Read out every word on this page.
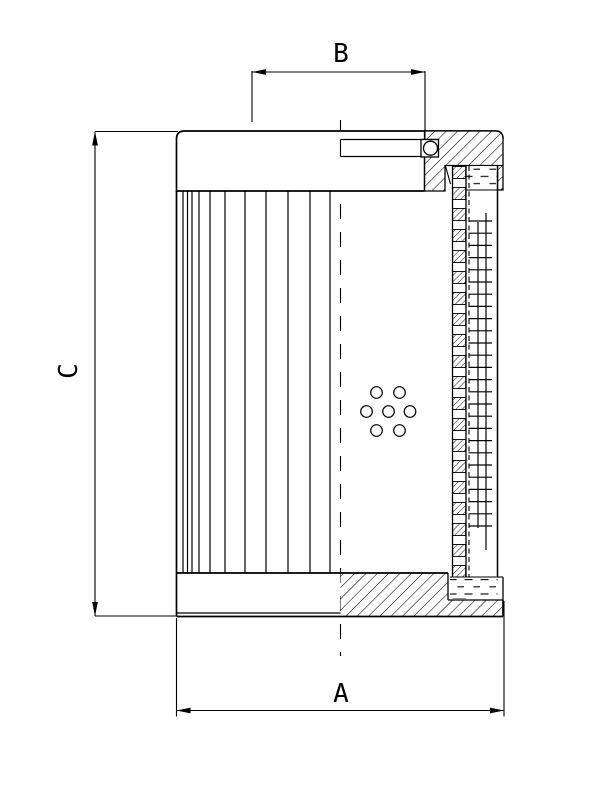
B
C
A
